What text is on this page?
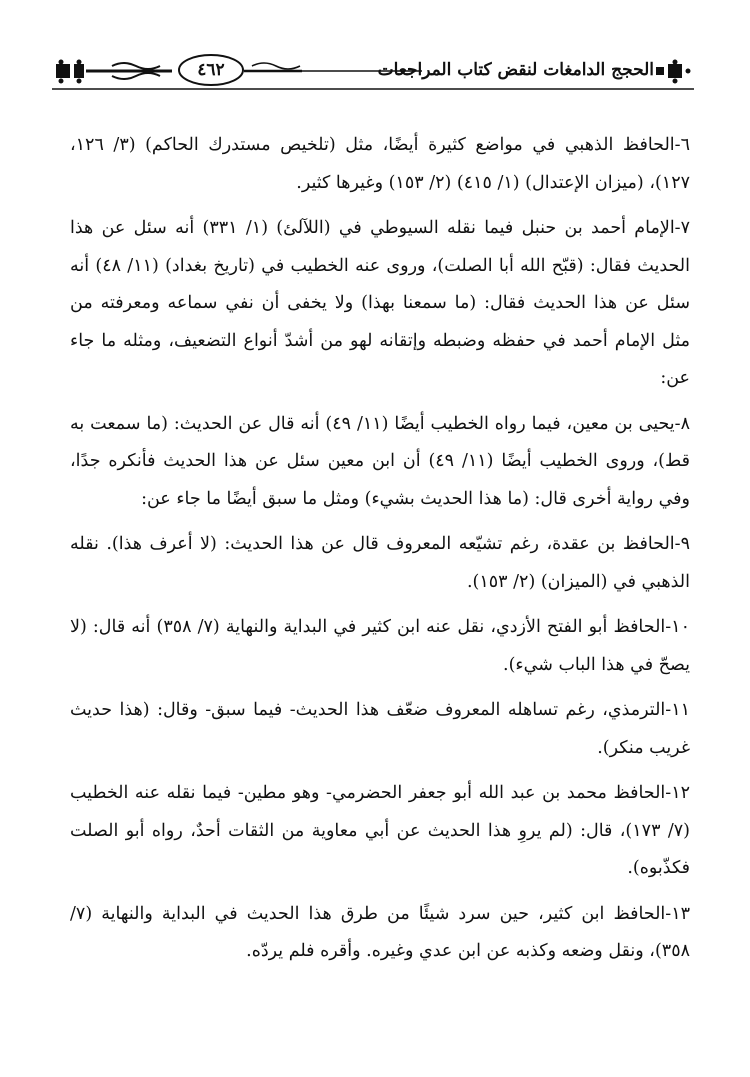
٤٦٢	الحجج الدامغات لنقض كتاب المراجعات

٦-الحافظ الذهبي في مواضع كثيرة أيضًا، مثل (تلخيص مستدرك الحاكم) (٣/ ١٢٦، ١٢٧)، (ميزان الإعتدال) (١/ ٤١٥) (٢/ ١٥٣) وغيرها كثير.

٧-الإمام أحمد بن حنبل فيما نقله السيوطي في (اللآلئ) (١/ ٣٣١) أنه سئل عن هذا الحديث فقال: (قبّح الله أبا الصلت)، وروى عنه الخطيب في (تاريخ بغداد) (١١/ ٤٨) أنه سئل عن هذا الحديث فقال: (ما سمعنا بهذا) ولا يخفى أن نفي سماعه ومعرفته من مثل الإمام أحمد في حفظه وضبطه وإتقانه لهو من أشدّ أنواع التضعيف، ومثله ما جاء عن:

٨-يحيى بن معين، فيما رواه الخطيب أيضًا (١١/ ٤٩) أنه قال عن الحديث: (ما سمعت به قط)، وروى الخطيب أيضًا (١١/ ٤٩) أن ابن معين سئل عن هذا الحديث فأنكره جدًا، وفي رواية أخرى قال: (ما هذا الحديث بشيء) ومثل ما سبق أيضًا ما جاء عن:

٩-الحافظ بن عقدة، رغم تشيّعه المعروف قال عن هذا الحديث: (لا أعرف هذا). نقله الذهبي في (الميزان) (٢/ ١٥٣).

١٠-الحافظ أبو الفتح الأزدي، نقل عنه ابن كثير في البداية والنهاية (٧/ ٣٥٨) أنه قال: (لا يصحّ في هذا الباب شيء).

١١-الترمذي، رغم تساهله المعروف ضعّف هذا الحديث- فيما سبق- وقال: (هذا حديث غريب منكر).

١٢-الحافظ محمد بن عبد الله أبو جعفر الحضرمي- وهو مطين- فيما نقله عنه الخطيب (٧/ ١٧٣)، قال: (لم يروِ هذا الحديث عن أبي معاوية من الثقات أحدٌ، رواه أبو الصلت فكذّبوه).

١٣-الحافظ ابن كثير، حين سرد شيئًا من طرق هذا الحديث في البداية والنهاية (٧/ ٣٥٨)، ونقل وضعه وكذبه عن ابن عدي وغيره. وأقره فلم يردّه.
